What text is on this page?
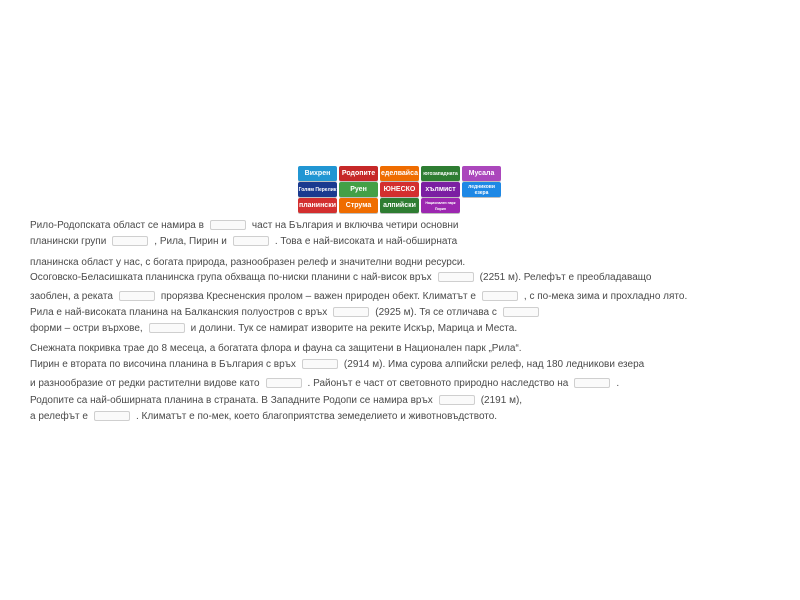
Вихрен	Родопите еделвайса	югозападната	Мусала
Голям Перелик	Руен	ЮНЕСКО	хълмист	ледникови езера
планински	Струма	алпийски	Национален парк Пирин
Рило-Родопската област се намира в	част на България и включва четири основни
планински групи	, Рила, Пирин и	. Това е най-високата и най-обширната
планинска област у нас, с богата природа, разнообразен релеф и значителни водни ресурси.
Осоговско-Беласишката планинска група обхваща по-ниски планини с най-висок връх	(2251 м). Релефът е преобладаващо
заоблен, а реката	прорязва Кресненския пролом – важен природен обект. Климатът е	, с по-мека зима и прохладно лято.
Рила е най-високата планина на Балканския полуостров с връх	(2925 м). Тя се отличава с
форми – остри върхове,	и долини. Тук се намират изворите на реките Искър, Марица и Места.
Снежната покривка трае до 8 месеца, а богатата флора и фауна са защитени в Национален парк „Рила“.
Пирин е втората по височина планина в България с връх	(2914 м). Има сурова алпийски релеф, над 180 ледникови езера
и разнообразие от редки растителни видове като	. Районът е част от световното природно наследство на	.
Родопите са най-обширната планина в страната. В Западните Родопи се намира връх	(2191 м),
а релефът е	. Климатът е по-мек, което благоприятства земеделието и животновъдството.
